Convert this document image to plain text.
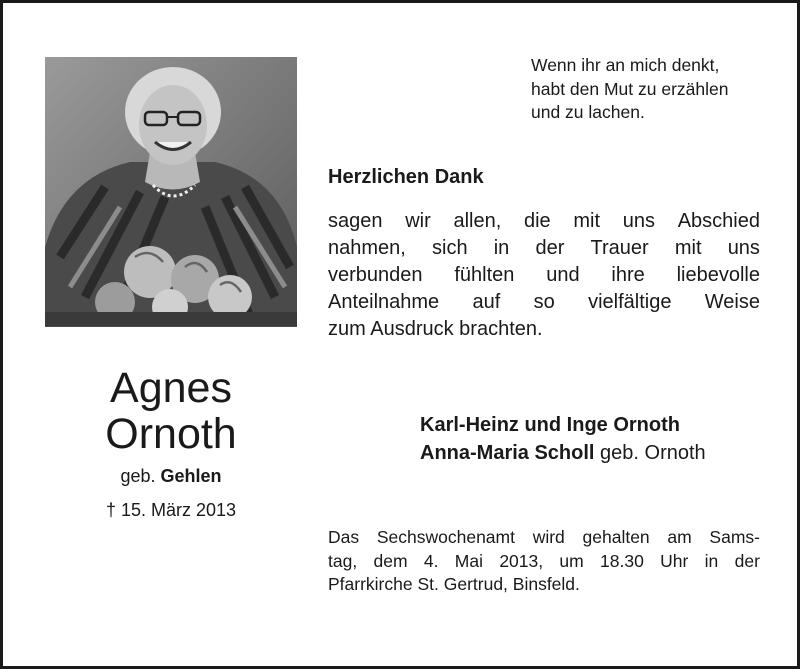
Agnes
Ornoth
geb. Gehlen
† 15. März 2013
Wenn ihr an mich denkt,
habt den Mut zu erzählen
und zu lachen.
Herzlichen Dank
sagen wir allen, die mit uns Abschied
nahmen, sich in der Trauer mit uns
verbunden fühlten und ihre liebevolle
Anteilnahme auf so vielfältige Weise
zum Ausdruck brachten.
Karl-Heinz und Inge Ornoth
Anna-Maria Scholl geb. Ornoth
Das Sechswochenamt wird gehalten am Sams-
tag, dem 4. Mai 2013, um 18.30 Uhr in der
Pfarrkirche St. Gertrud, Binsfeld.
